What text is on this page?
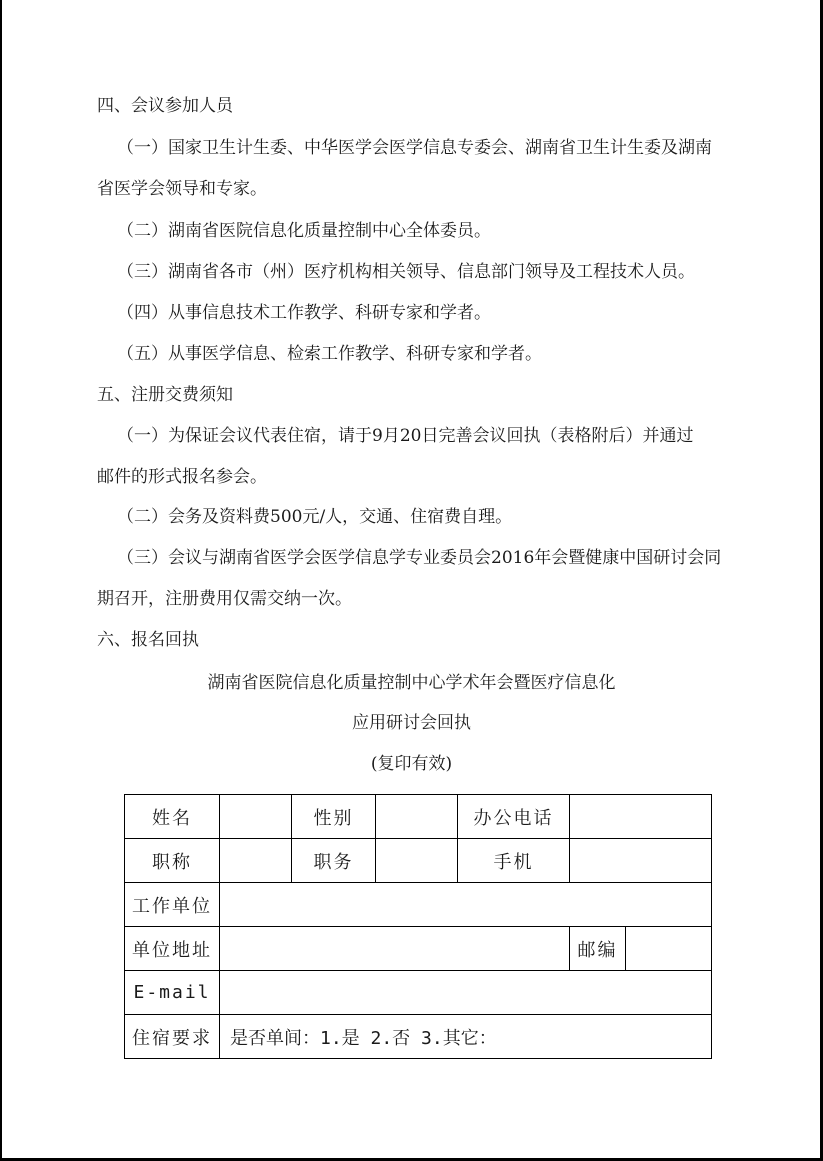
四、会议参加人员
（一）国家卫生计生委、中华医学会医学信息专委会、湖南省卫生计生委及湖南
省医学会领导和专家。
（二）湖南省医院信息化质量控制中心全体委员。
（三）湖南省各市（州）医疗机构相关领导、信息部门领导及工程技术人员。
（四）从事信息技术工作教学、科研专家和学者。
（五）从事医学信息、检索工作教学、科研专家和学者。
五、注册交费须知
（一）为保证会议代表住宿，请于9月20日完善会议回执（表格附后）并通过
邮件的形式报名参会。
（二）会务及资料费500元/人，交通、住宿费自理。
（三）会议与湖南省医学会医学信息学专业委员会2016年会暨健康中国研讨会同
期召开，注册费用仅需交纳一次。
六、报名回执
湖南省医院信息化质量控制中心学术年会暨医疗信息化
应用研讨会回执
(复印有效)
姓名		性别		办公电话		
职称		职务		手机		
工作单位						
单位地址					邮编	
E-mail						
住宿要求	是否单间：1.是 2.否 3.其它：					
